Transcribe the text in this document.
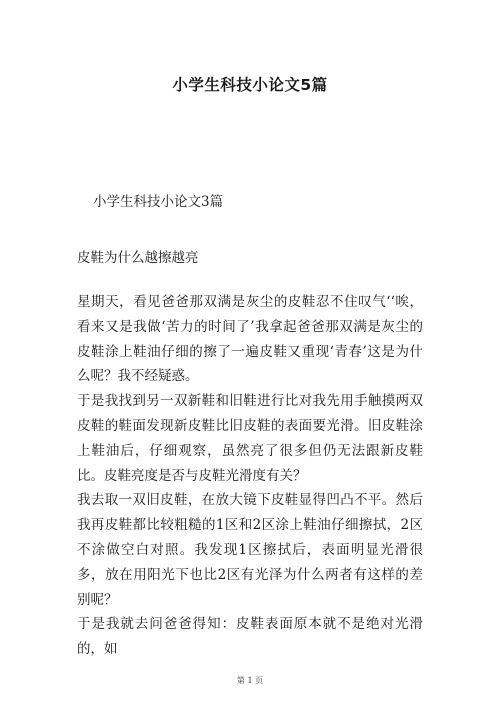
小学生科技小论文5篇
小学生科技小论文3篇
皮鞋为什么越擦越亮

星期天，看见爸爸那双满是灰尘的皮鞋忍不住叹气‘‘唉，看来又是我做‘苦力的时间了’我拿起爸爸那双满是灰尘的皮鞋涂上鞋油仔细的擦了一遍皮鞋又重现‘青春’这是为什么呢？我不经疑惑。

于是我找到另一双新鞋和旧鞋进行比对我先用手触摸两双皮鞋的鞋面发现新皮鞋比旧皮鞋的表面要光滑。旧皮鞋涂上鞋油后，仔细观察，虽然亮了很多但仍无法跟新皮鞋比。皮鞋亮度是否与皮鞋光滑度有关？

我去取一双旧皮鞋，在放大镜下皮鞋显得凹凸不平。然后我再皮鞋都比较粗糙的1区和2区涂上鞋油仔细擦拭，2区不涂做空白对照。我发现1区擦拭后，表面明显光滑很多，放在用阳光下也比2区有光泽为什么两者有这样的差别呢？

于是我就去问爸爸得知：皮鞋表面原本就不是绝对光滑的，如

第 1 页
